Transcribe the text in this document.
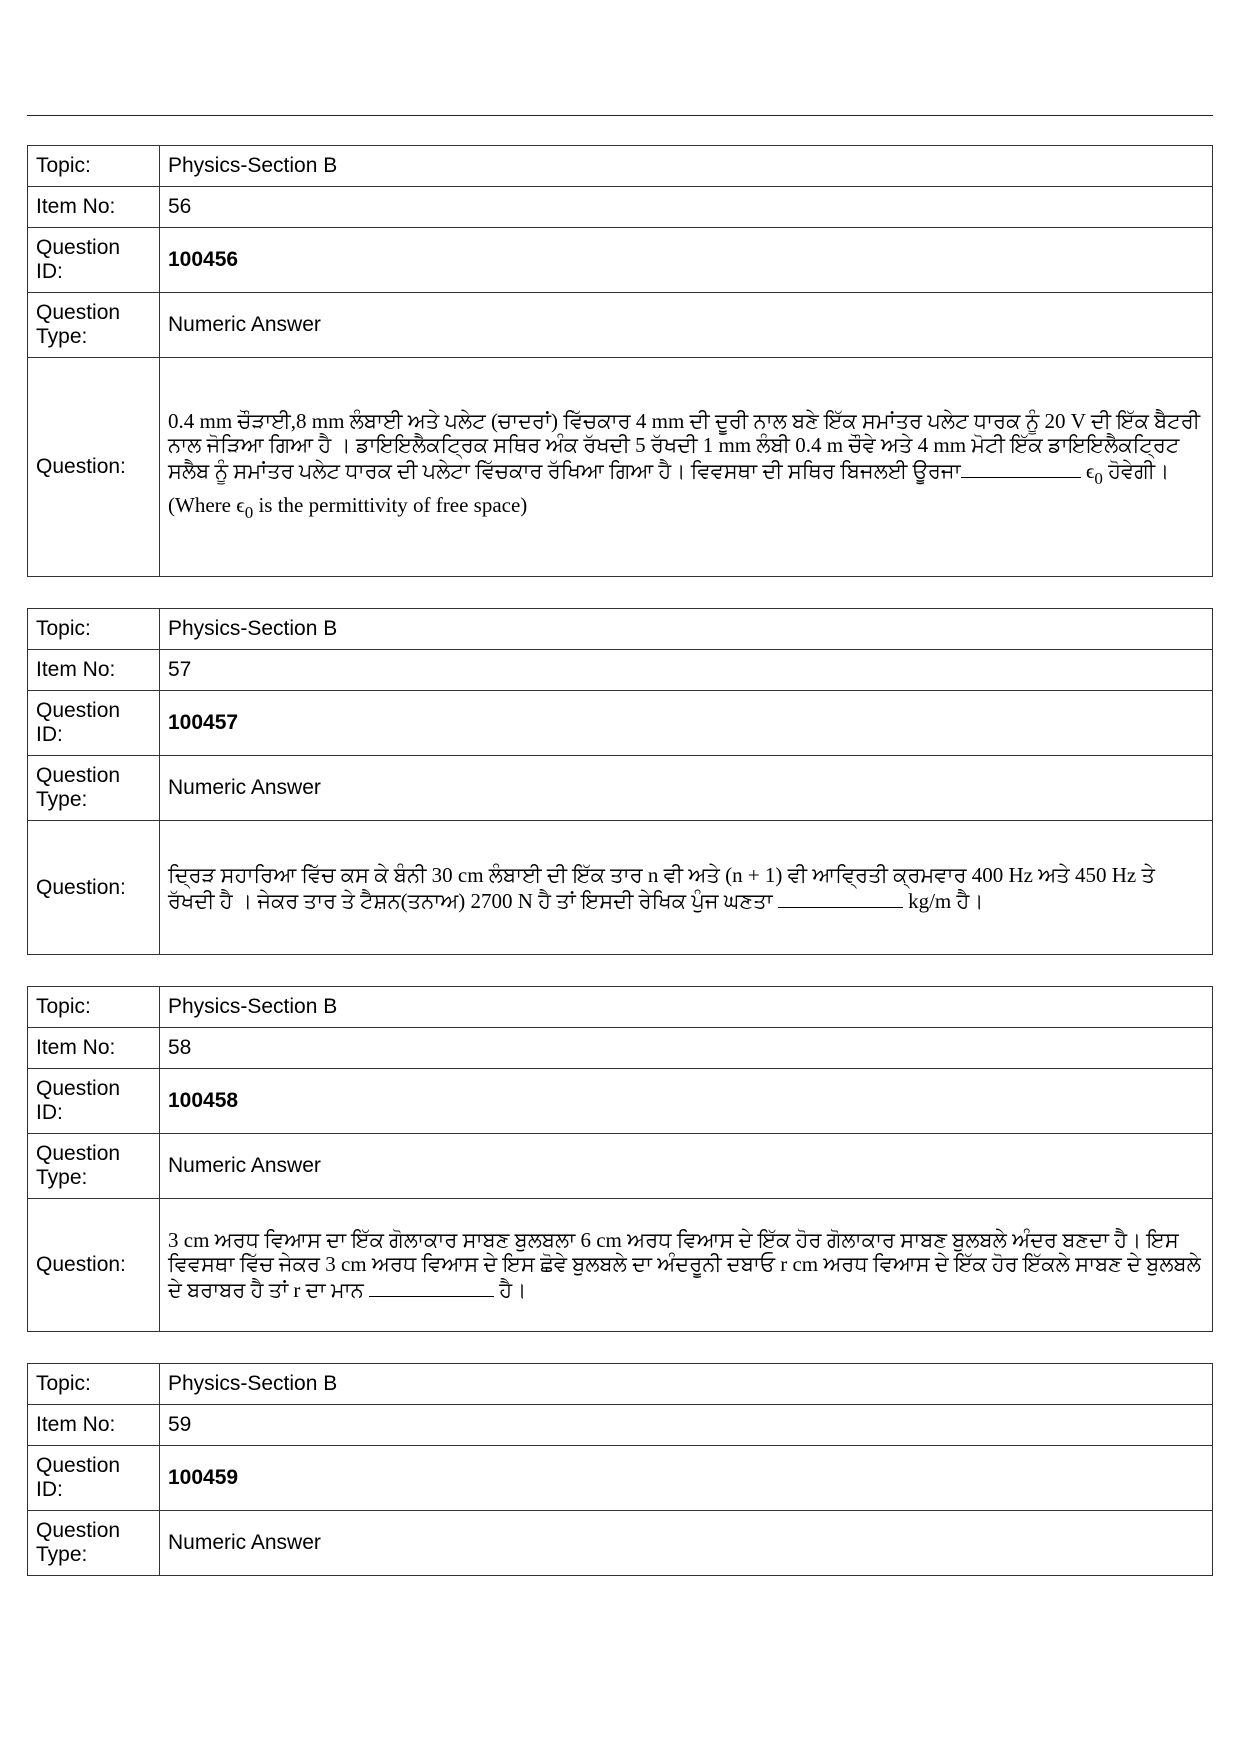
Topic:	Physics-Section B
Item No:	56
Question ID:	100456
Question Type:	Numeric Answer
Question:	0.4 mm ਚੌੜਾਈ,8 mm ਲੰਬਾਈ ਅਤੇ ਪਲੇਟ (ਚਾਦਰਾਂ) ਵਿੱਚਕਾਰ 4 mm ਦੀ ਦੂਰੀ ਨਾਲ ਬਣੇ ਇੱਕ ਸਮਾਂਤਰ ਪਲੇਟ ਧਾਰਕ ਨੂੰ 20 V ਦੀ ਇੱਕ ਬੈਟਰੀ ਨਾਲ ਜੋੜਿਆ ਗਿਆ ਹੈ । ਡਾਇਇਲੈਕਟ੍ਰਿਕ ਸਥਿਰ ਅੰਕ ਰੱਖਦੀ 5 ਰੱਖਦੀ 1 mm ਲੰਬੀ 0.4 m ਚੌਵੇ ਅਤੇ 4 mm ਮੋਟੀ ਇੱਕ ਡਾਇਇਲੈਕਟ੍ਰਿਟ ਸਲੈਬ ਨੂੰ ਸਮਾਂਤਰ ਪਲੇਟ ਧਾਰਕ ਦੀ ਪਲੇਟਾ ਵਿੱਚਕਾਰ ਰੱਖਿਆ ਗਿਆ ਹੈ। ਵਿਵਸਥਾ ਦੀ ਸਥਿਰ ਬਿਜਲਈ ਊਰਜਾ $\epsilon_0$ ਹੋਵੇਗੀ।

(Where $\epsilon_0$ is the permittivity of free space)

Topic:	Physics-Section B
Item No:	57
Question ID:	100457
Question Type:	Numeric Answer
Question:	ਦ੍ਰਿੜ ਸਹਾਰਿਆ ਵਿੱਚ ਕਸ ਕੇ ਬੰਨੀ 30 cm ਲੰਬਾਈ ਦੀ ਇੱਕ ਤਾਰ n ਵੀ ਅਤੇ (n + 1) ਵੀ ਆਵ੍ਰਿਤੀ ਕ੍ਰਮਵਾਰ 400 Hz ਅਤੇ 450 Hz ਤੇ ਰੱਖਦੀ ਹੈ । ਜੇਕਰ ਤਾਰ ਤੇ ਟੈਸ਼ਨ(ਤਨਾਅ) 2700 N ਹੈ ਤਾਂ ਇਸਦੀ ਰੇਖਿਕ ਪੁੰਜ ਘਣਤਾ kg/m ਹੈ।

Topic:	Physics-Section B
Item No:	58
Question ID:	100458
Question Type:	Numeric Answer
Question:	3 cm ਅਰਧ ਵਿਆਸ ਦਾ ਇੱਕ ਗੋਲਾਕਾਰ ਸਾਬਣ ਬੁਲਬਲਾ 6 cm ਅਰਧ ਵਿਆਸ ਦੇ ਇੱਕ ਹੋਰ ਗੋਲਾਕਾਰ ਸਾਬਣ ਬੁਲਬਲੇ ਅੰਦਰ ਬਣਦਾ ਹੈ। ਇਸ ਵਿਵਸਥਾ ਵਿੱਚ ਜੇਕਰ 3 cm ਅਰਧ ਵਿਆਸ ਦੇ ਇਸ ਛੋਵੇ ਬੁਲਬਲੇ ਦਾ ਅੰਦਰੂਨੀ ਦਬਾਓ r cm ਅਰਧ ਵਿਆਸ ਦੇ ਇੱਕ ਹੋਰ ਇੱਕਲੇ ਸਾਬਣ ਦੇ ਬੁਲਬਲੇ ਦੇ ਬਰਾਬਰ ਹੈ ਤਾਂ r ਦਾ ਮਾਨ ਹੈ।

Topic:	Physics-Section B
Item No:	59
Question ID:	100459
Question Type:	Numeric Answer
